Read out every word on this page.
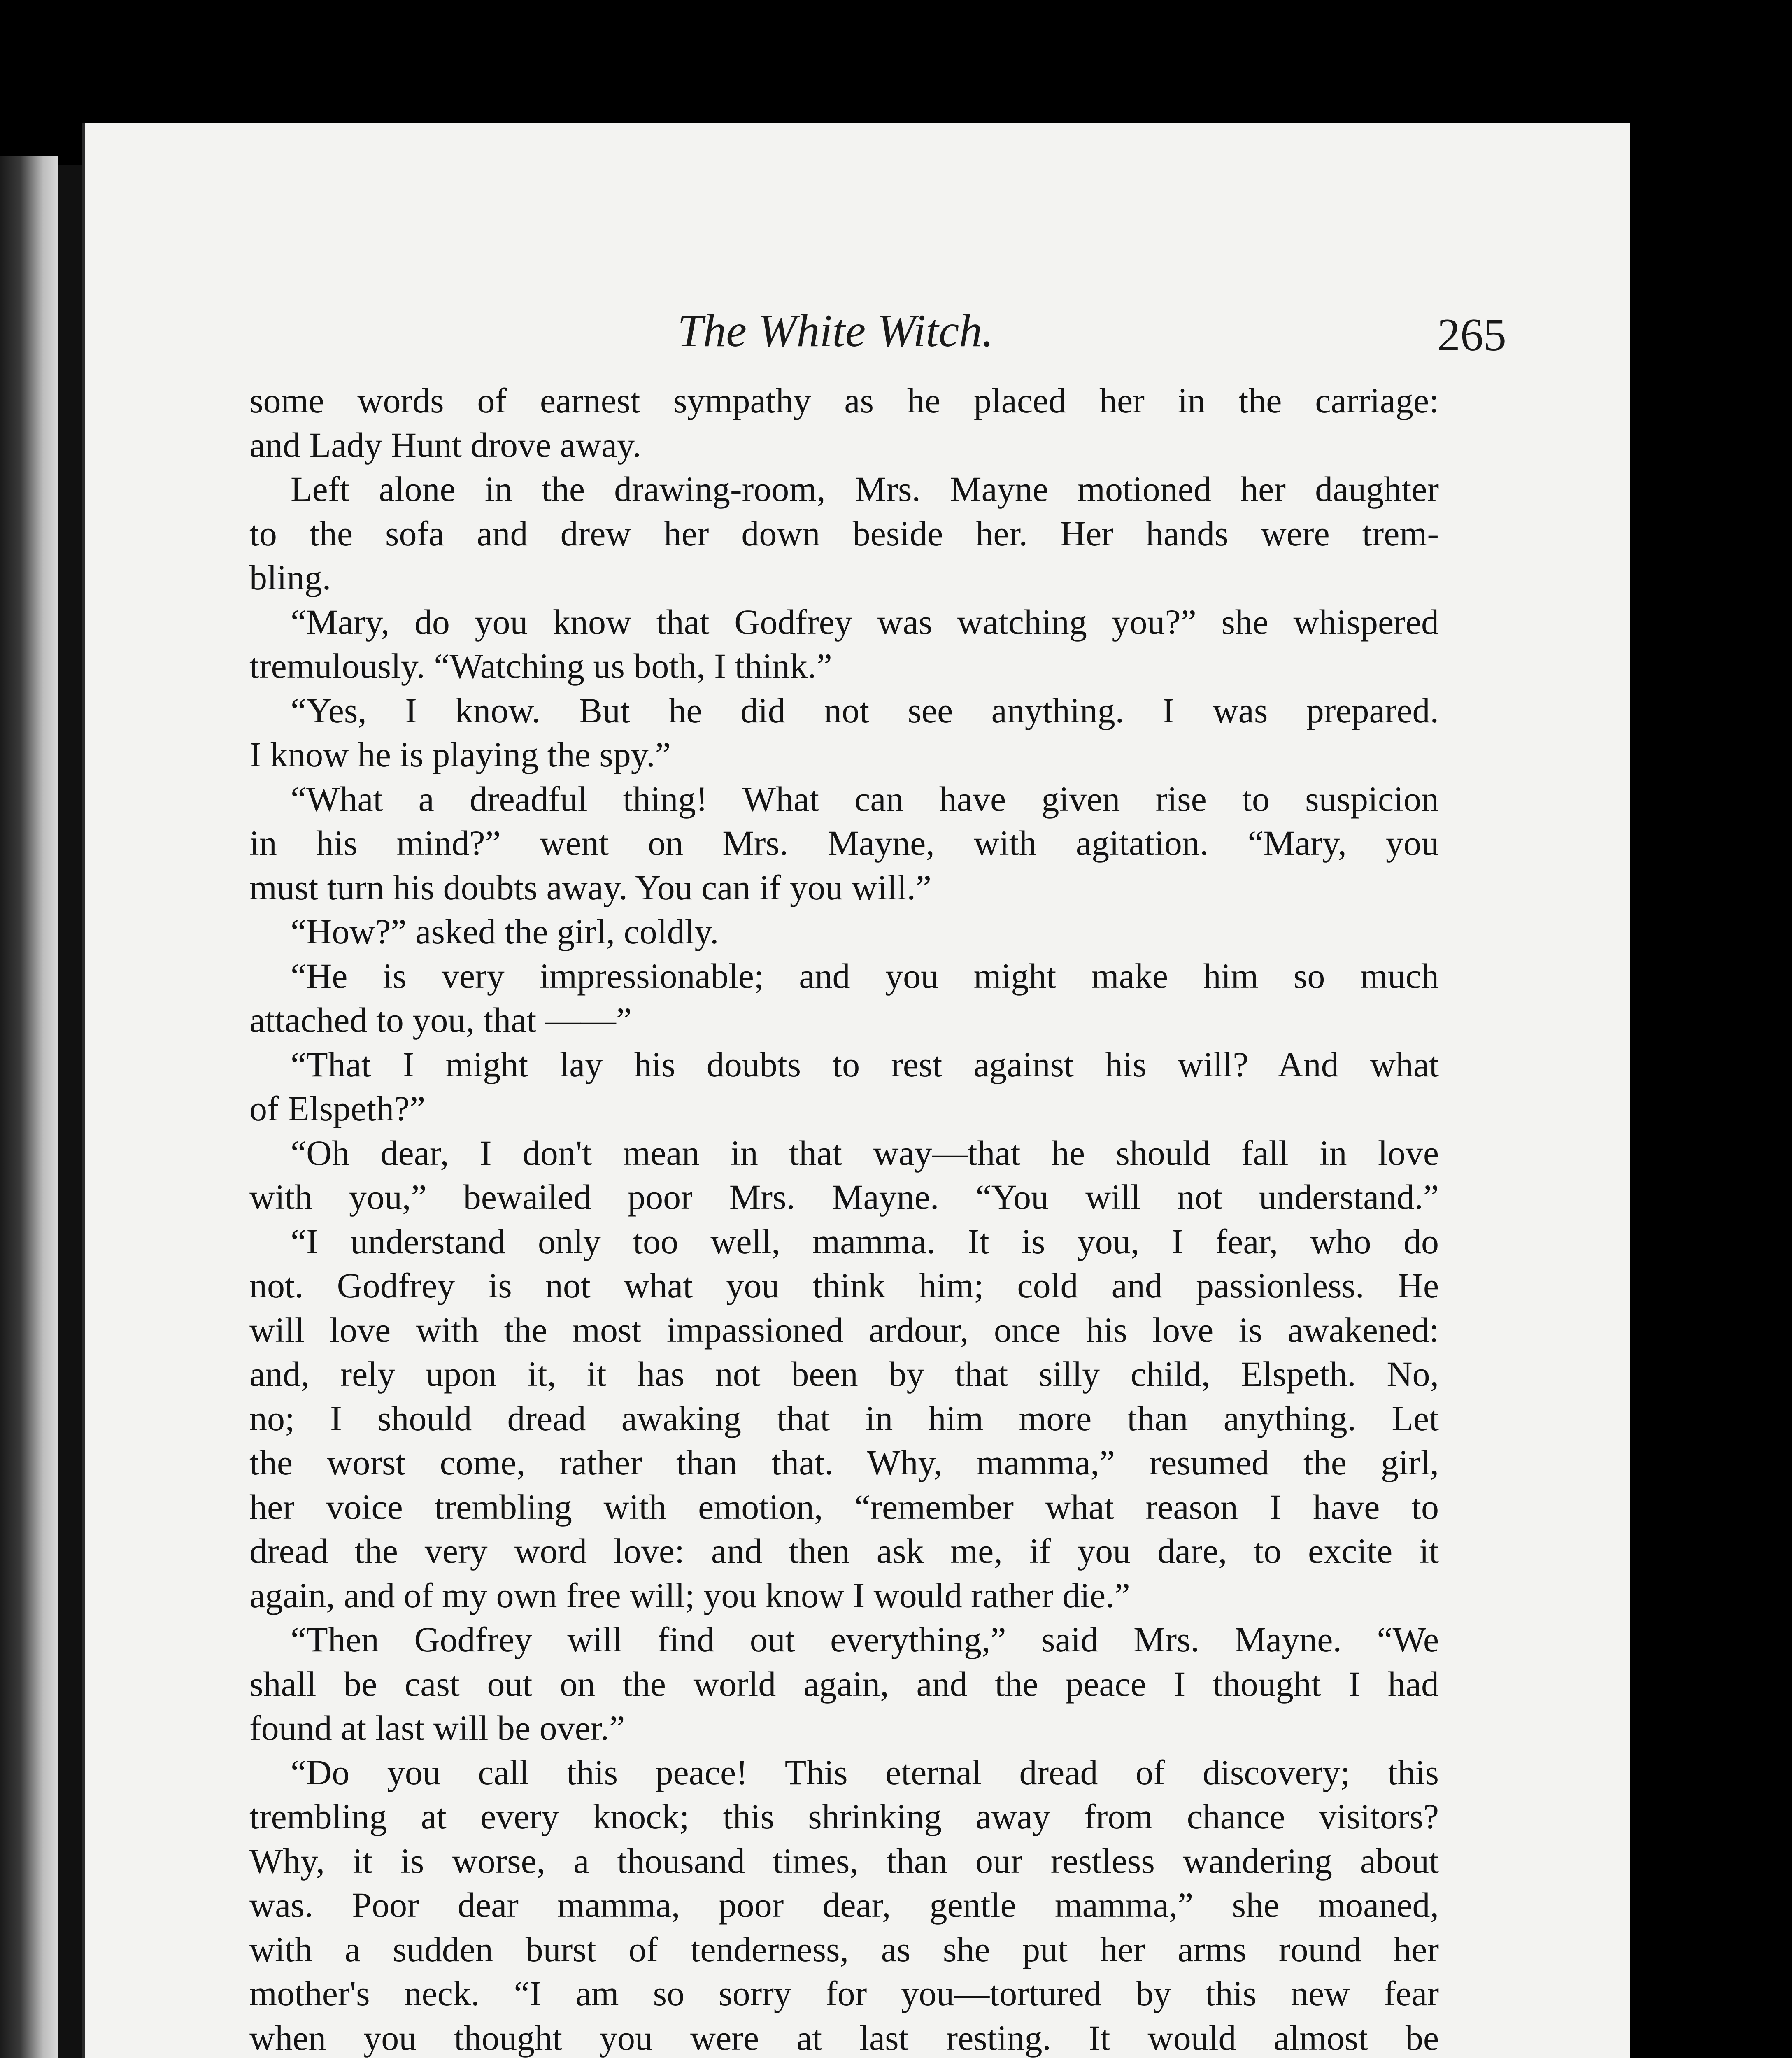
The White Witch.	265
some words of earnest sympathy as he placed her in the carriage:
and Lady Hunt drove away.
Left alone in the drawing-room, Mrs. Mayne motioned her daughter
to the sofa and drew her down beside her. Her hands were trem-
bling.
“Mary, do you know that Godfrey was watching you?” she whispered
tremulously. “Watching us both, I think.”
“Yes, I know. But he did not see anything. I was prepared.
I know he is playing the spy.”
“What a dreadful thing! What can have given rise to suspicion
in his mind?” went on Mrs. Mayne, with agitation. “Mary, you
must turn his doubts away. You can if you will.”
“How?” asked the girl, coldly.
“He is very impressionable; and you might make him so much
attached to you, that ——”
“That I might lay his doubts to rest against his will? And what
of Elspeth?”
“Oh dear, I don't mean in that way—that he should fall in love
with you,” bewailed poor Mrs. Mayne. “You will not understand.”
“I understand only too well, mamma. It is you, I fear, who do
not. Godfrey is not what you think him; cold and passionless. He
will love with the most impassioned ardour, once his love is awakened:
and, rely upon it, it has not been by that silly child, Elspeth. No,
no; I should dread awaking that in him more than anything. Let
the worst come, rather than that. Why, mamma,” resumed the girl,
her voice trembling with emotion, “remember what reason I have to
dread the very word love: and then ask me, if you dare, to excite it
again, and of my own free will; you know I would rather die.”
“Then Godfrey will find out everything,” said Mrs. Mayne. “We
shall be cast out on the world again, and the peace I thought I had
found at last will be over.”
“Do you call this peace! This eternal dread of discovery; this
trembling at every knock; this shrinking away from chance visitors?
Why, it is worse, a thousand times, than our restless wandering about
was. Poor dear mamma, poor dear, gentle mamma,” she moaned,
with a sudden burst of tenderness, as she put her arms round her
mother's neck. “I am so sorry for you—tortured by this new fear
when you thought you were at last resting. It would almost be
